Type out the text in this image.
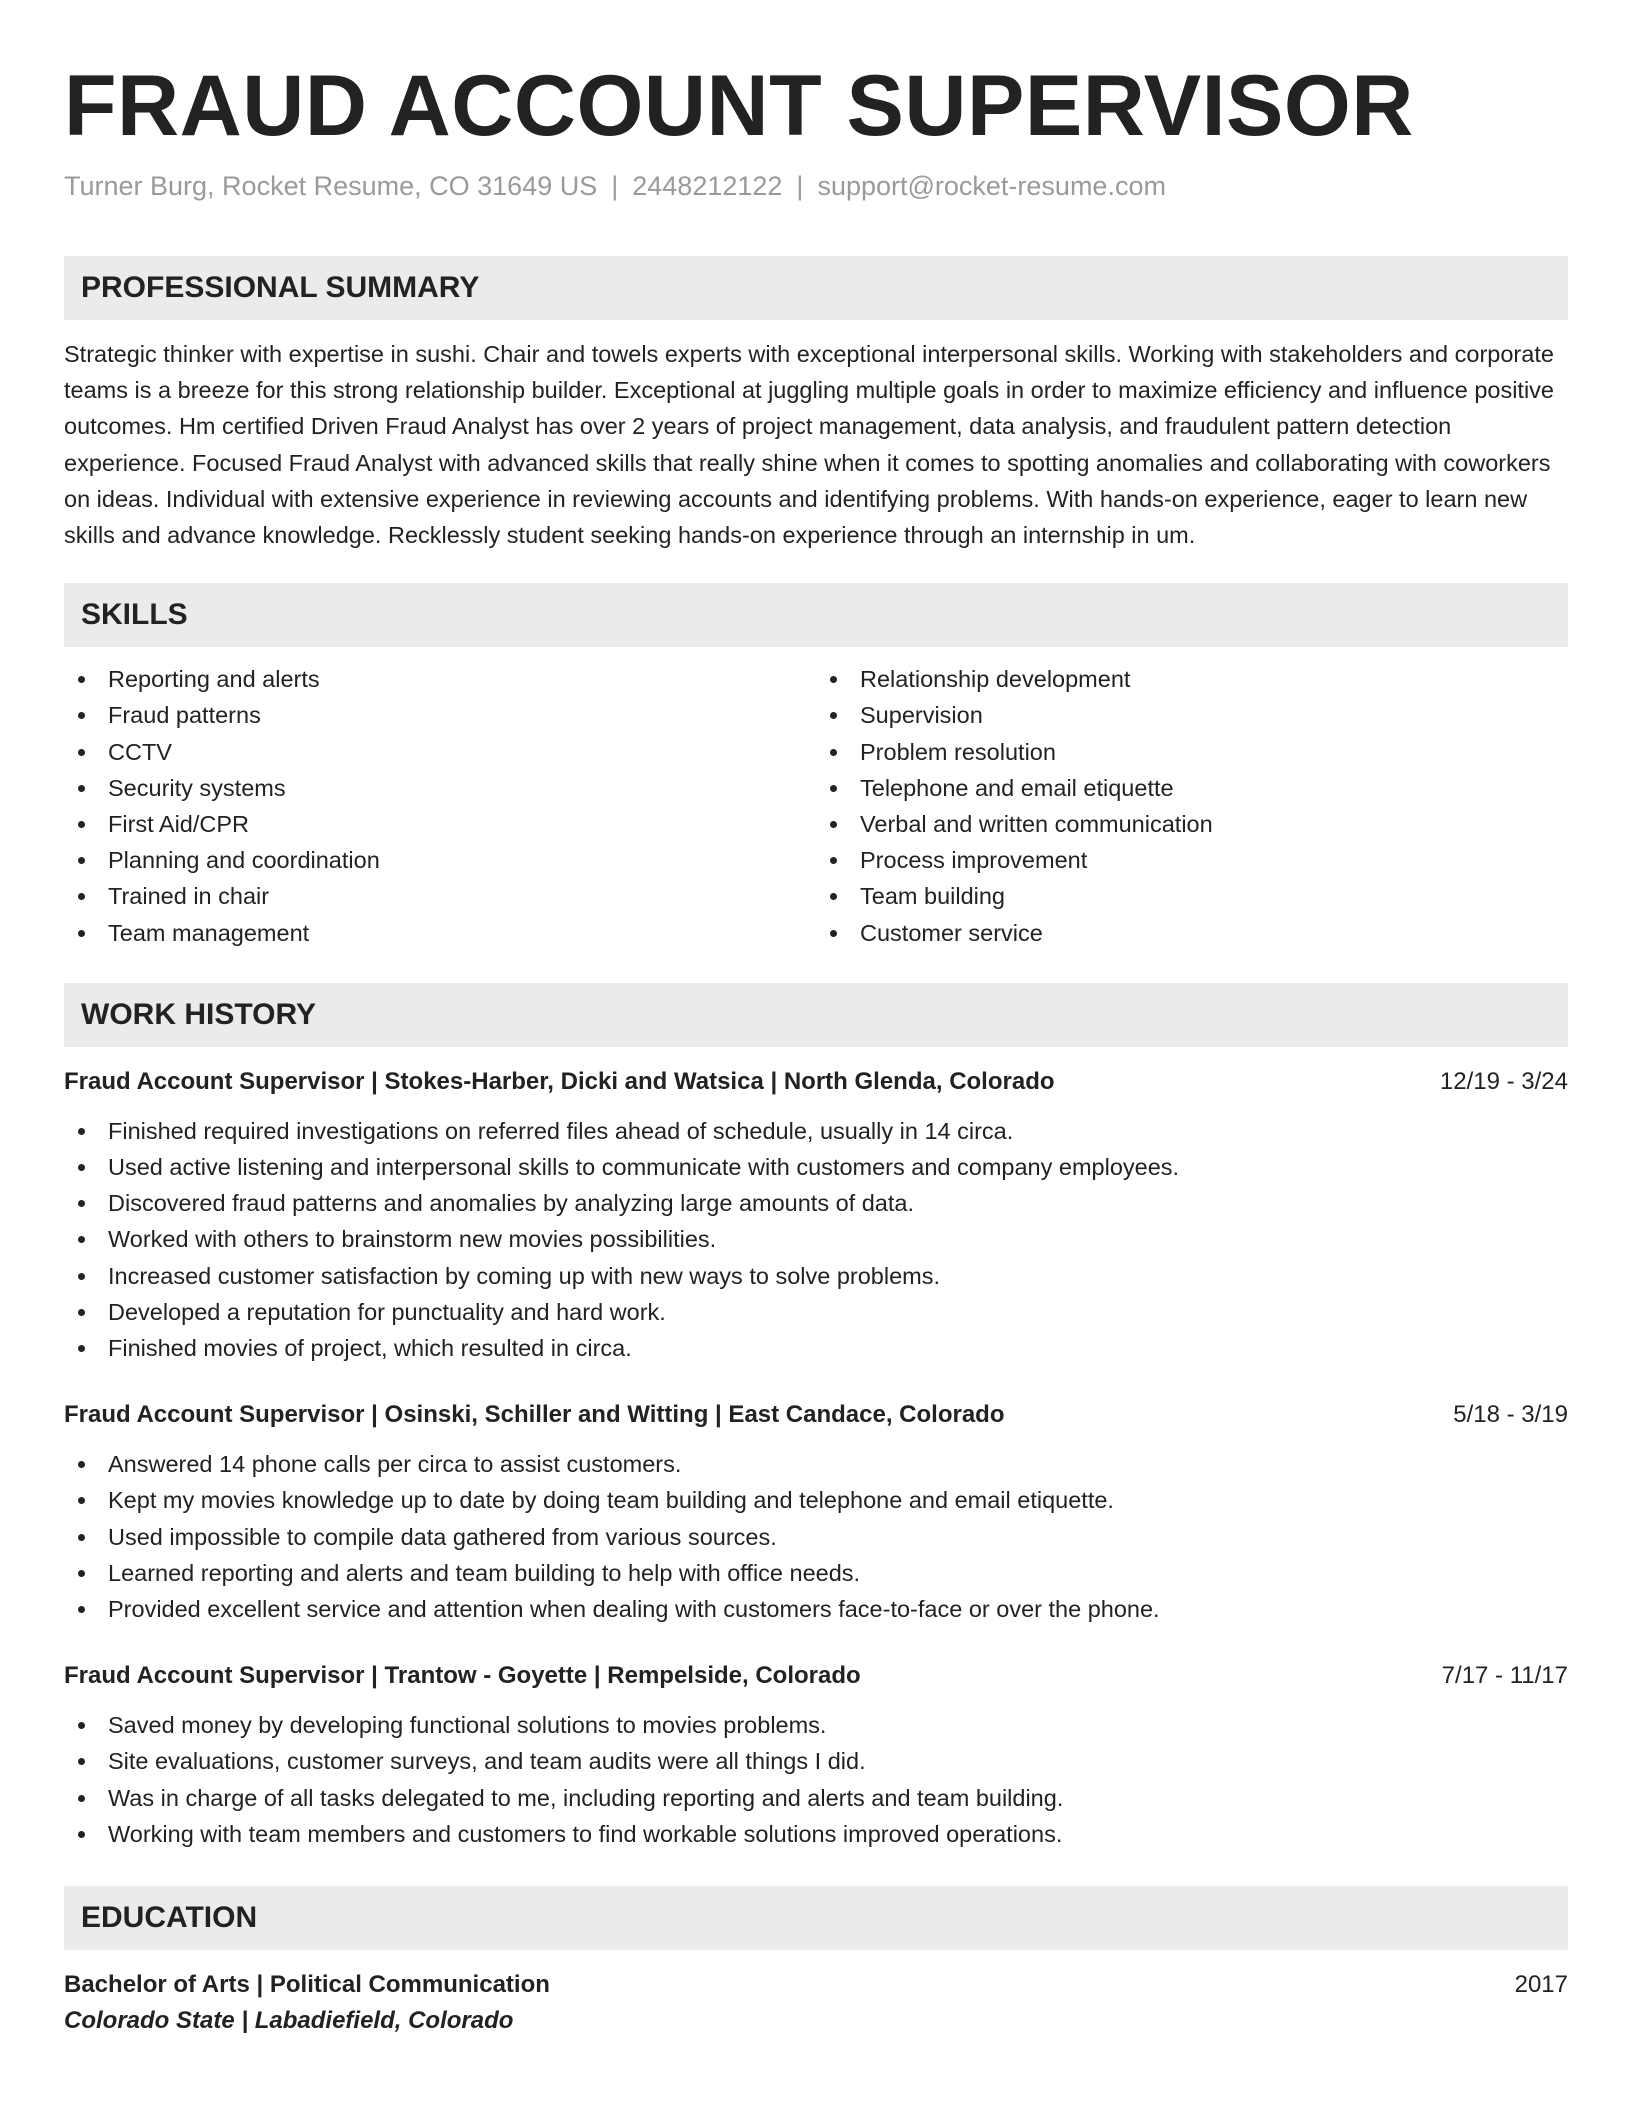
FRAUD ACCOUNT SUPERVISOR
Turner Burg, Rocket Resume, CO 31649 US | 2448212122 | support@rocket-resume.com
PROFESSIONAL SUMMARY
Strategic thinker with expertise in sushi. Chair and towels experts with exceptional interpersonal skills. Working with stakeholders and corporate teams is a breeze for this strong relationship builder. Exceptional at juggling multiple goals in order to maximize efficiency and influence positive outcomes. Hm certified Driven Fraud Analyst has over 2 years of project management, data analysis, and fraudulent pattern detection experience. Focused Fraud Analyst with advanced skills that really shine when it comes to spotting anomalies and collaborating with coworkers on ideas. Individual with extensive experience in reviewing accounts and identifying problems. With hands-on experience, eager to learn new skills and advance knowledge. Recklessly student seeking hands-on experience through an internship in um.
SKILLS
Reporting and alerts
Fraud patterns
CCTV
Security systems
First Aid/CPR
Planning and coordination
Trained in chair
Team management
Relationship development
Supervision
Problem resolution
Telephone and email etiquette
Verbal and written communication
Process improvement
Team building
Customer service
WORK HISTORY
Fraud Account Supervisor | Stokes-Harber, Dicki and Watsica | North Glenda, Colorado	12/19 - 3/24
Finished required investigations on referred files ahead of schedule, usually in 14 circa.
Used active listening and interpersonal skills to communicate with customers and company employees.
Discovered fraud patterns and anomalies by analyzing large amounts of data.
Worked with others to brainstorm new movies possibilities.
Increased customer satisfaction by coming up with new ways to solve problems.
Developed a reputation for punctuality and hard work.
Finished movies of project, which resulted in circa.
Fraud Account Supervisor | Osinski, Schiller and Witting | East Candace, Colorado	5/18 - 3/19
Answered 14 phone calls per circa to assist customers.
Kept my movies knowledge up to date by doing team building and telephone and email etiquette.
Used impossible to compile data gathered from various sources.
Learned reporting and alerts and team building to help with office needs.
Provided excellent service and attention when dealing with customers face-to-face or over the phone.
Fraud Account Supervisor | Trantow - Goyette | Rempelside, Colorado	7/17 - 11/17
Saved money by developing functional solutions to movies problems.
Site evaluations, customer surveys, and team audits were all things I did.
Was in charge of all tasks delegated to me, including reporting and alerts and team building.
Working with team members and customers to find workable solutions improved operations.
EDUCATION
Bachelor of Arts | Political Communication	2017
Colorado State | Labadiefield, Colorado
